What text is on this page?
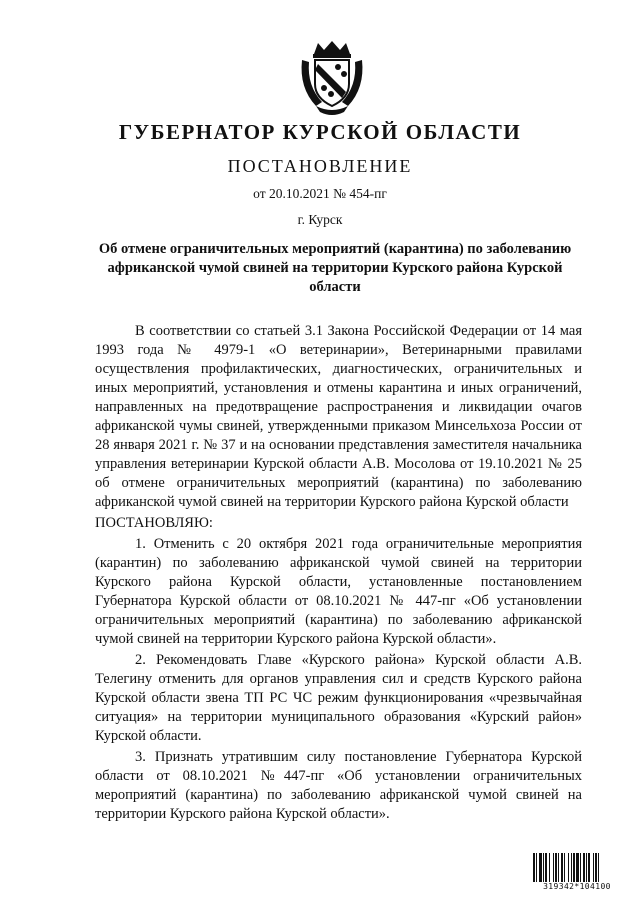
ГУБЕРНАТОР КУРСКОЙ ОБЛАСТИ
ПОСТАНОВЛЕНИЕ
от 20.10.2021 № 454-пг
г. Курск
Об отмене ограничительных мероприятий (карантина) по заболеванию африканской чумой свиней на территории Курского района Курской области

В соответствии со статьей 3.1 Закона Российской Федерации от 14 мая 1993 года № 4979-1 «О ветеринарии», Ветеринарными правилами осуществления профилактических, диагностических, ограничительных и иных мероприятий, установления и отмены карантина и иных ограничений, направленных на предотвращение распространения и ликвидации очагов африканской чумы свиней, утвержденными приказом Минсельхоза России от 28 января 2021 г. № 37 и на основании представления заместителя начальника управления ветеринарии Курской области А.В. Мосолова от 19.10.2021 № 25 об отмене ограничительных мероприятий (карантина) по заболеванию африканской чумой свиней на территории Курского района Курской области

ПОСТАНОВЛЯЮ:

1. Отменить с 20 октября 2021 года ограничительные мероприятия (карантин) по заболеванию африканской чумой свиней на территории Курского района Курской области, установленные постановлением Губернатора Курской области от 08.10.2021 № 447-пг «Об установлении ограничительных мероприятий (карантина) по заболеванию африканской чумой свиней на территории Курского района Курской области».

2. Рекомендовать Главе «Курского района» Курской области А.В. Телегину отменить для органов управления сил и средств Курского района Курской области звена ТП РС ЧС режим функционирования «чрезвычайная ситуация» на территории муниципального образования «Курский район» Курской области.

3. Признать утратившим силу постановление Губернатора Курской области от 08.10.2021 №447-пг «Об установлении ограничительных мероприятий (карантина) по заболеванию африканской чумой свиней на территории Курского района Курской области».

319342*104100
